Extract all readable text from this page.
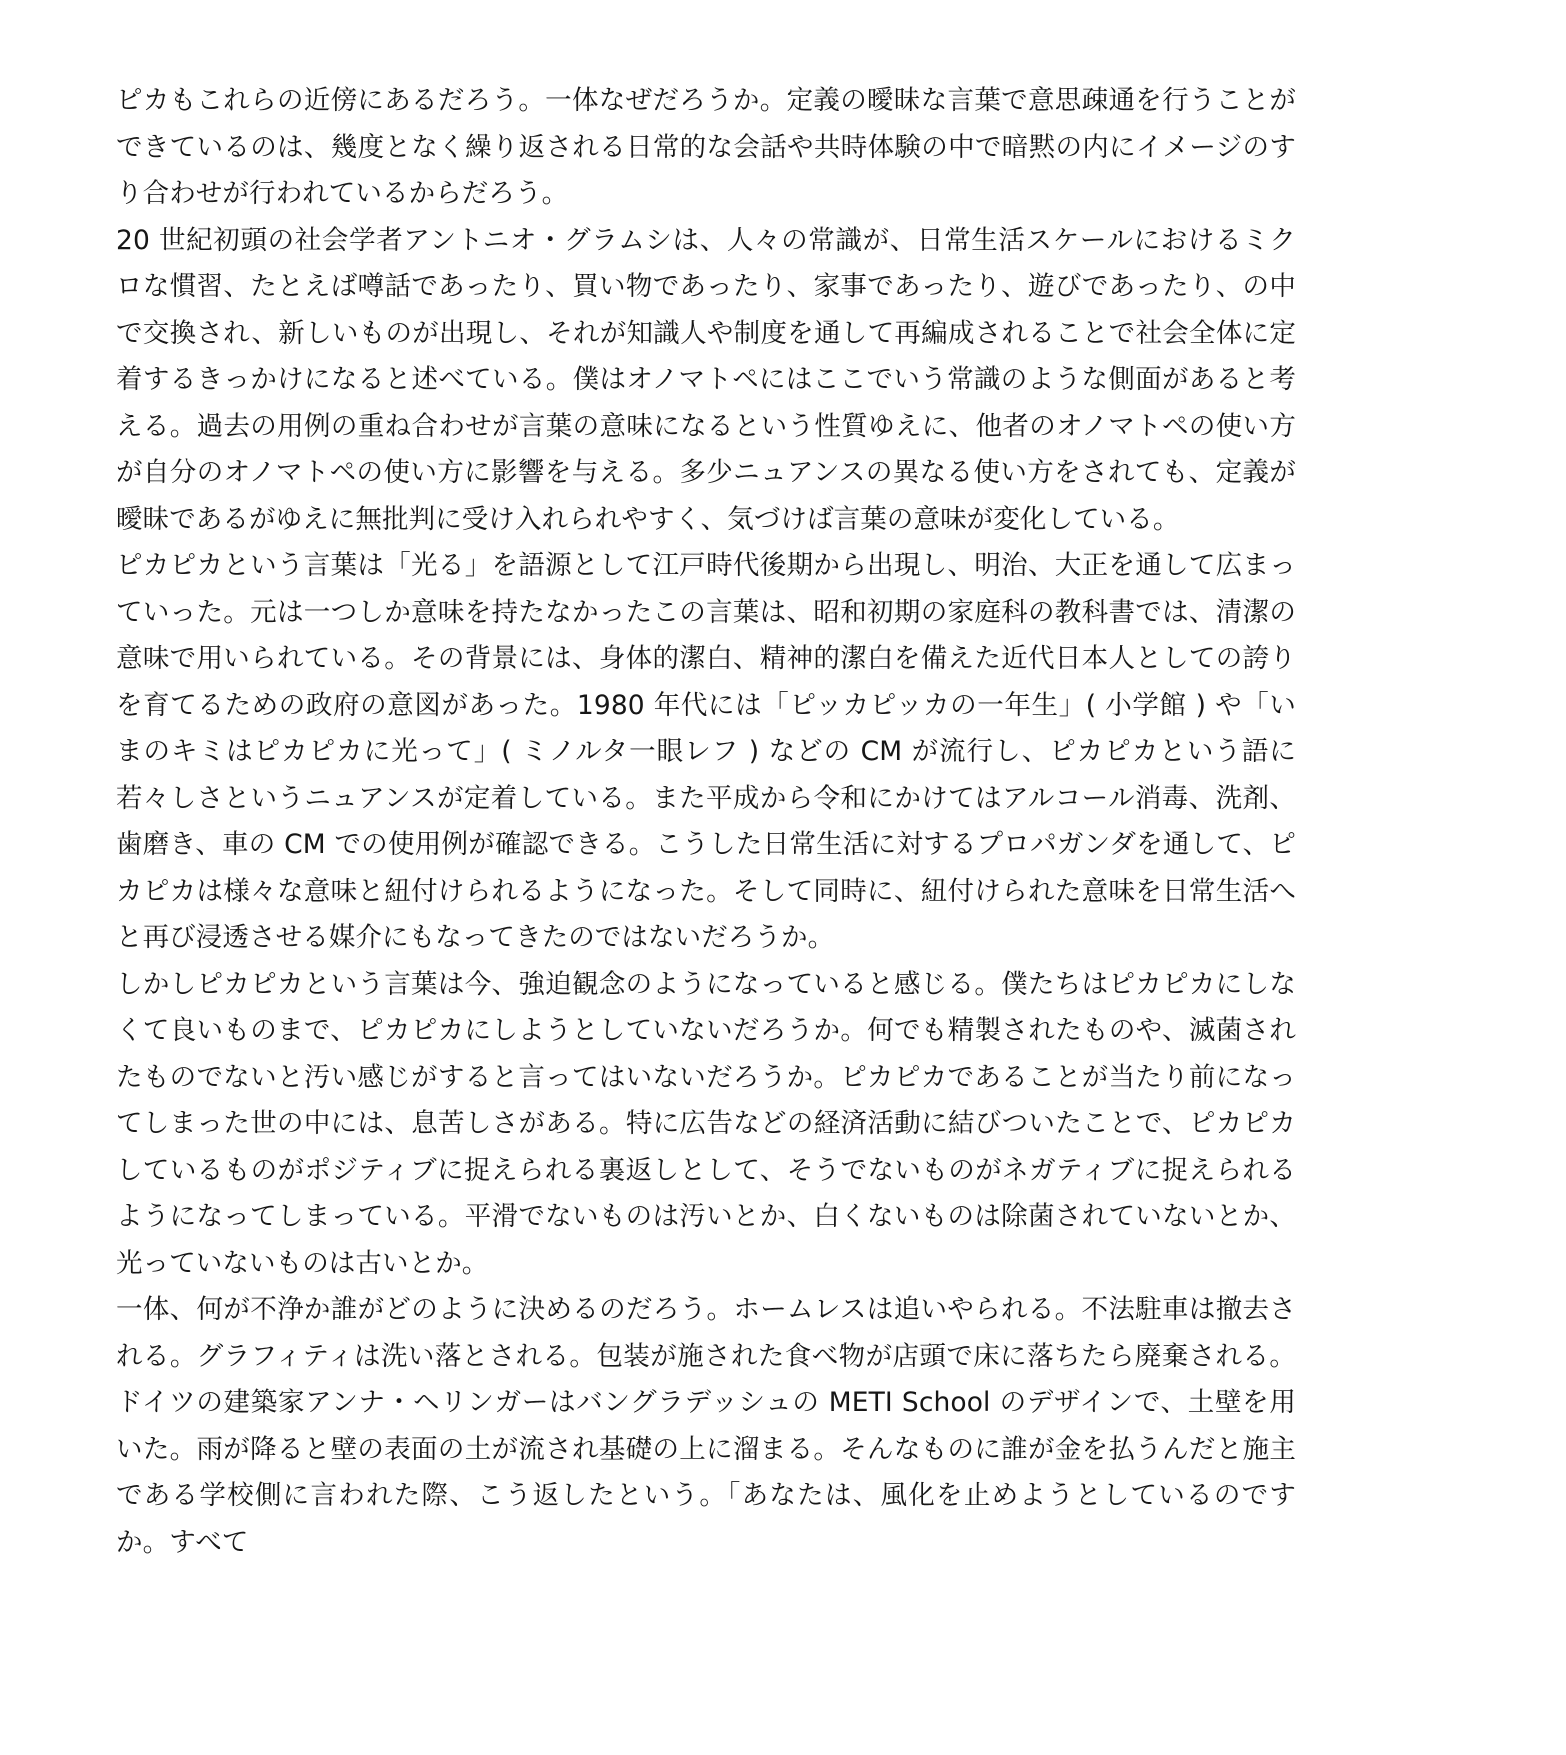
ピカもこれらの近傍にあるだろう。一体なぜだろうか。定義の曖昧な言葉で意思疎通を行うことができているのは、幾度となく繰り返される日常的な会話や共時体験の中で暗黙の内にイメージのすり合わせが行われているからだろう。

20 世紀初頭の社会学者アントニオ・グラムシは、人々の常識が、日常生活スケールにおけるミクロな慣習、たとえば噂話であったり、買い物であったり、家事であったり、遊びであったり、の中で交換され、新しいものが出現し、それが知識人や制度を通して再編成されることで社会全体に定着するきっかけになると述べている。僕はオノマトペにはここでいう常識のような側面があると考える。過去の用例の重ね合わせが言葉の意味になるという性質ゆえに、他者のオノマトペの使い方が自分のオノマトペの使い方に影響を与える。多少ニュアンスの異なる使い方をされても、定義が曖昧であるがゆえに無批判に受け入れられやすく、気づけば言葉の意味が変化している。

ピカピカという言葉は「光る」を語源として江戸時代後期から出現し、明治、大正を通して広まっていった。元は一つしか意味を持たなかったこの言葉は、昭和初期の家庭科の教科書では、清潔の意味で用いられている。その背景には、身体的潔白、精神的潔白を備えた近代日本人としての誇りを育てるための政府の意図があった。1980 年代には「ピッカピッカの一年生」( 小学館 ) や「いまのキミはピカピカに光って」( ミノルタ一眼レフ ) などの CM が流行し、ピカピカという語に若々しさというニュアンスが定着している。また平成から令和にかけてはアルコール消毒、洗剤、歯磨き、車の CM での使用例が確認できる。こうした日常生活に対するプロパガンダを通して、ピカピカは様々な意味と紐付けられるようになった。そして同時に、紐付けられた意味を日常生活へと再び浸透させる媒介にもなってきたのではないだろうか。

しかしピカピカという言葉は今、強迫観念のようになっていると感じる。僕たちはピカピカにしなくて良いものまで、ピカピカにしようとしていないだろうか。何でも精製されたものや、滅菌されたものでないと汚い感じがすると言ってはいないだろうか。ピカピカであることが当たり前になってしまった世の中には、息苦しさがある。特に広告などの経済活動に結びついたことで、ピカピカしているものがポジティブに捉えられる裏返しとして、そうでないものがネガティブに捉えられるようになってしまっている。平滑でないものは汚いとか、白くないものは除菌されていないとか、光っていないものは古いとか。

一体、何が不浄か誰がどのように決めるのだろう。ホームレスは追いやられる。不法駐車は撤去される。グラフィティは洗い落とされる。包装が施された食べ物が店頭で床に落ちたら廃棄される。ドイツの建築家アンナ・ヘリンガーはバングラデッシュの METI School のデザインで、土壁を用いた。雨が降ると壁の表面の土が流され基礎の上に溜まる。そんなものに誰が金を払うんだと施主である学校側に言われた際、こう返したという。「あなたは、風化を止めようとしているのですか。すべて
